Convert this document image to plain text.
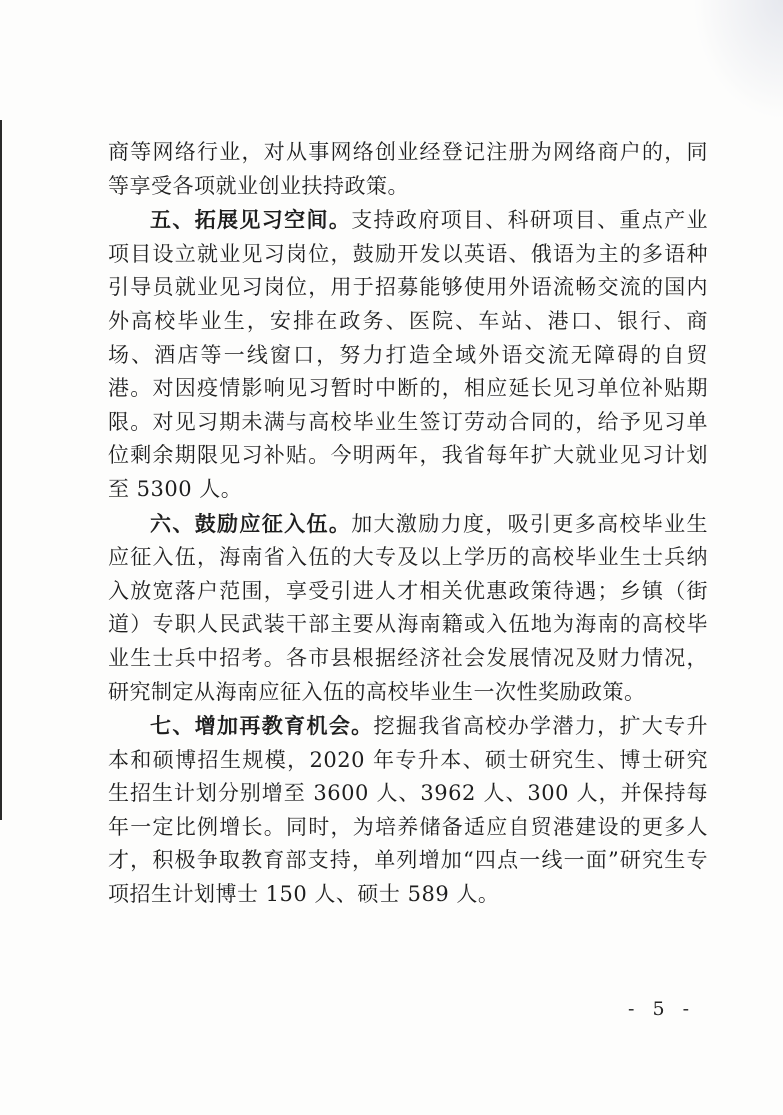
商等网络行业，对从事网络创业经登记注册为网络商户的，同等享受各项就业创业扶持政策。

五、拓展见习空间。支持政府项目、科研项目、重点产业项目设立就业见习岗位，鼓励开发以英语、俄语为主的多语种引导员就业见习岗位，用于招募能够使用外语流畅交流的国内外高校毕业生，安排在政务、医院、车站、港口、银行、商场、酒店等一线窗口，努力打造全域外语交流无障碍的自贸港。对因疫情影响见习暂时中断的，相应延长见习单位补贴期限。对见习期未满与高校毕业生签订劳动合同的，给予见习单位剩余期限见习补贴。今明两年，我省每年扩大就业见习计划至 5300 人。

六、鼓励应征入伍。加大激励力度，吸引更多高校毕业生应征入伍，海南省入伍的大专及以上学历的高校毕业生士兵纳入放宽落户范围，享受引进人才相关优惠政策待遇；乡镇（街道）专职人民武装干部主要从海南籍或入伍地为海南的高校毕业生士兵中招考。各市县根据经济社会发展情况及财力情况，研究制定从海南应征入伍的高校毕业生一次性奖励政策。

七、增加再教育机会。挖掘我省高校办学潜力，扩大专升本和硕博招生规模，2020 年专升本、硕士研究生、博士研究生招生计划分别增至 3600 人、3962 人、300 人，并保持每年一定比例增长。同时，为培养储备适应自贸港建设的更多人才，积极争取教育部支持，单列增加“四点一线一面”研究生专项招生计划博士 150 人、硕士 589 人。

- 5 -
